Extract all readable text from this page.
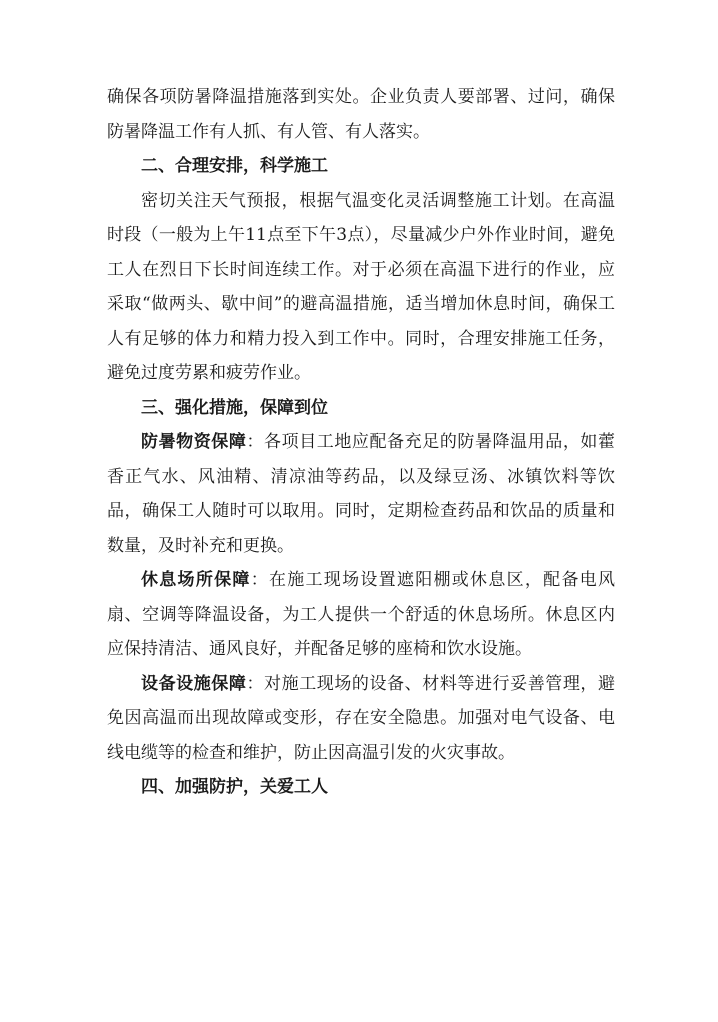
确保各项防暑降温措施落到实处。企业负责人要部署、过问，确保防暑降温工作有人抓、有人管、有人落实。

二、合理安排，科学施工

密切关注天气预报，根据气温变化灵活调整施工计划。在高温时段（一般为上午11点至下午3点），尽量减少户外作业时间，避免工人在烈日下长时间连续工作。对于必须在高温下进行的作业，应采取“做两头、歇中间”的避高温措施，适当增加休息时间，确保工人有足够的体力和精力投入到工作中。同时，合理安排施工任务，避免过度劳累和疲劳作业。

三、强化措施，保障到位

防暑物资保障：各项目工地应配备充足的防暑降温用品，如藿香正气水、风油精、清凉油等药品，以及绿豆汤、冰镇饮料等饮品，确保工人随时可以取用。同时，定期检查药品和饮品的质量和数量，及时补充和更换。

休息场所保障：在施工现场设置遮阳棚或休息区，配备电风扇、空调等降温设备，为工人提供一个舒适的休息场所。休息区内应保持清洁、通风良好，并配备足够的座椅和饮水设施。

设备设施保障：对施工现场的设备、材料等进行妥善管理，避免因高温而出现故障或变形，存在安全隐患。加强对电气设备、电线电缆等的检查和维护，防止因高温引发的火灾事故。

四、加强防护，关爱工人
